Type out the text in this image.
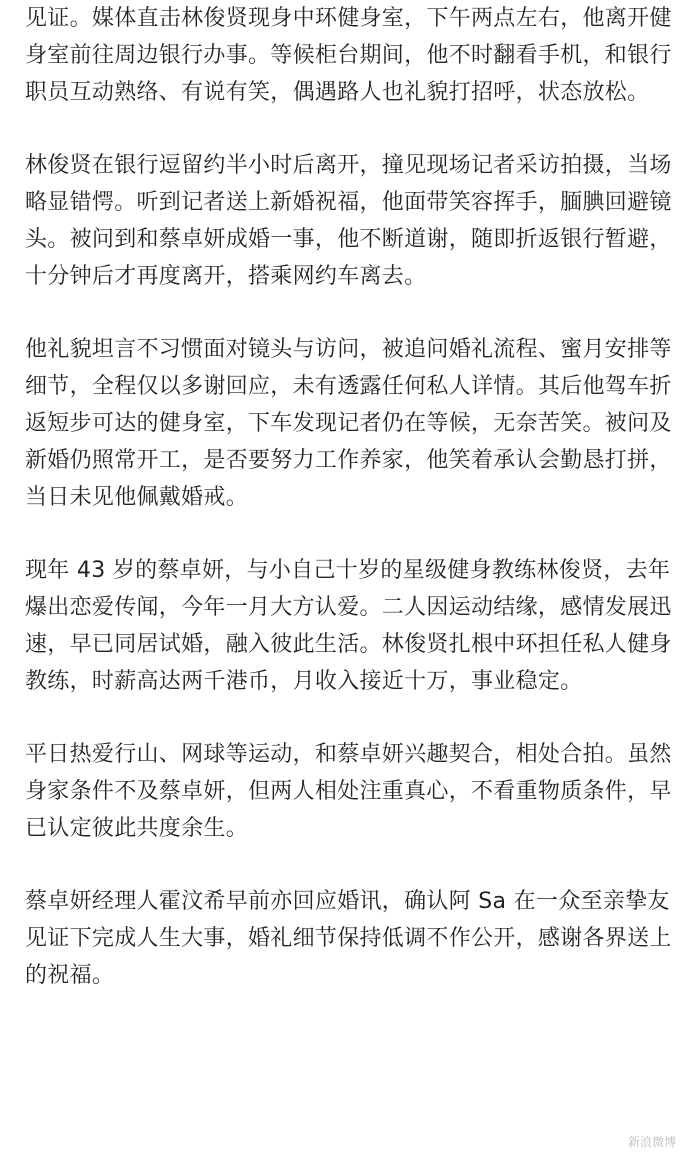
见证。媒体直击林俊贤现身中环健身室，下午两点左右，他离开健身室前往周边银行办事。等候柜台期间，他不时翻看手机，和银行职员互动熟络、有说有笑，偶遇路人也礼貌打招呼，状态放松。

林俊贤在银行逗留约半小时后离开，撞见现场记者采访拍摄，当场略显错愕。听到记者送上新婚祝福，他面带笑容挥手，腼腆回避镜头。被问到和蔡卓妍成婚一事，他不断道谢，随即折返银行暂避，十分钟后才再度离开，搭乘网约车离去。

他礼貌坦言不习惯面对镜头与访问，被追问婚礼流程、蜜月安排等细节，全程仅以多谢回应，未有透露任何私人详情。其后他驾车折返短步可达的健身室，下车发现记者仍在等候，无奈苦笑。被问及新婚仍照常开工，是否要努力工作养家，他笑着承认会勤恳打拼，当日未见他佩戴婚戒。

现年 43 岁的蔡卓妍，与小自己十岁的星级健身教练林俊贤，去年爆出恋爱传闻，今年一月大方认爱。二人因运动结缘，感情发展迅速，早已同居试婚，融入彼此生活。林俊贤扎根中环担任私人健身教练，时薪高达两千港币，月收入接近十万，事业稳定。

平日热爱行山、网球等运动，和蔡卓妍兴趣契合，相处合拍。虽然身家条件不及蔡卓妍，但两人相处注重真心，不看重物质条件，早已认定彼此共度余生。

蔡卓妍经理人霍汶希早前亦回应婚讯，确认阿 Sa 在一众至亲挚友见证下完成人生大事，婚礼细节保持低调不作公开，感谢各界送上的祝福。

新浪微博
